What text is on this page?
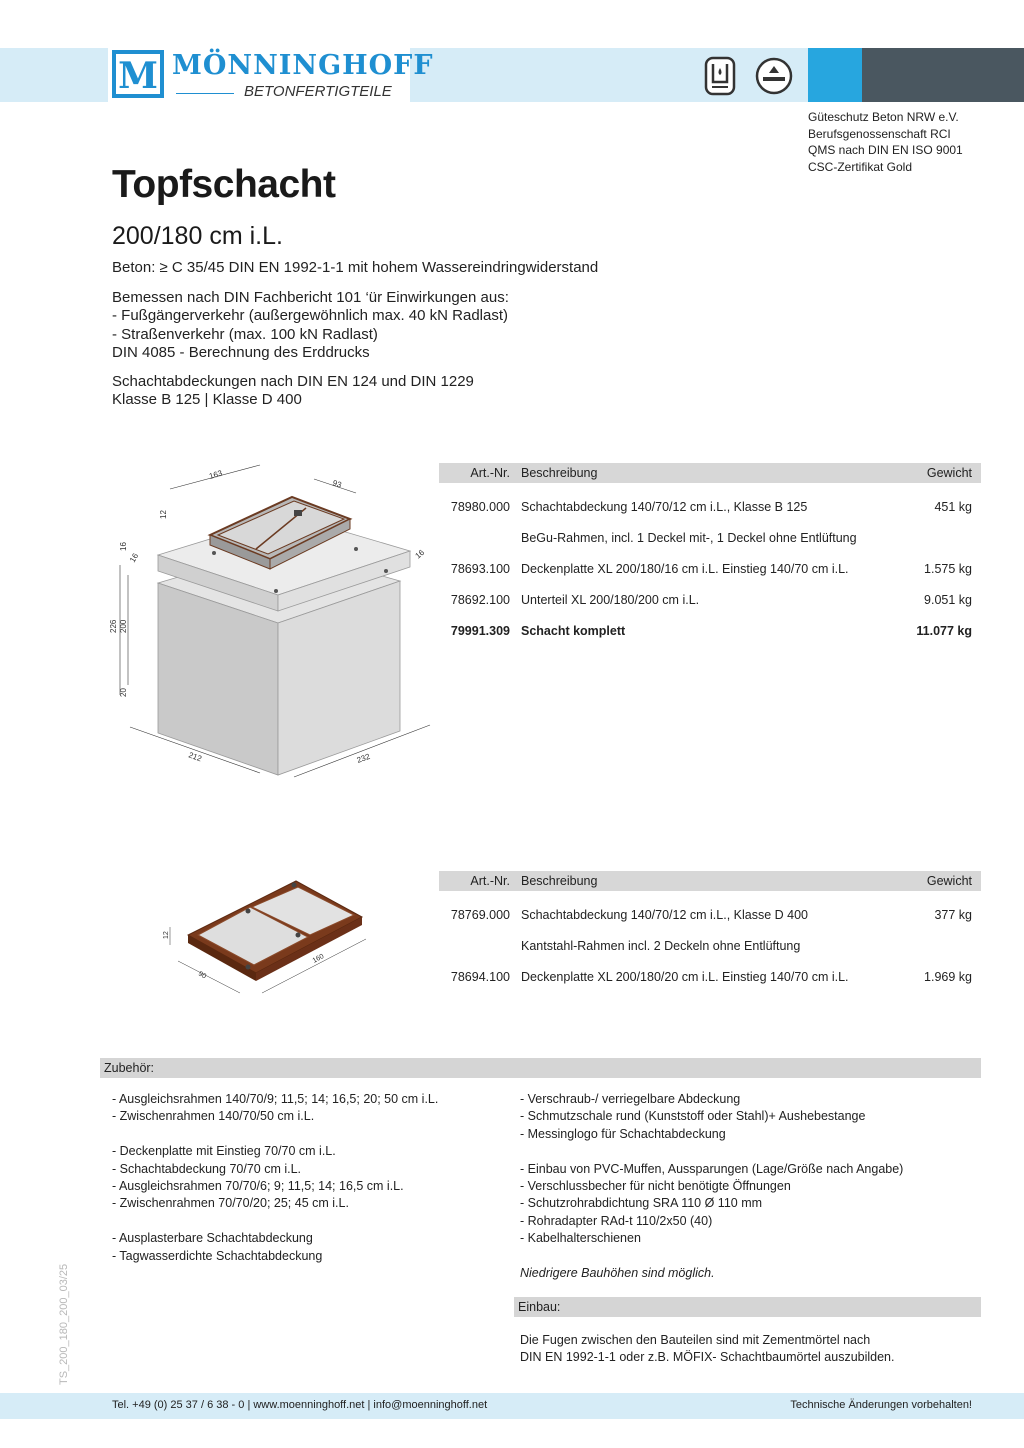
M MÖNNINGHOFF
BETONFERTIGTEILE
Güteschutz Beton NRW e.V.
Berufsgenossenschaft RCI
QMS nach DIN EN ISO 9001
CSC-Zertifikat Gold
Topfschacht
200/180 cm i.L.
Beton: ≥ C 35/45 DIN EN 1992-1-1 mit hohem Wassereindringwiderstand
Bemessen nach DIN Fachbericht 101 ‘ür Einwirkungen aus:
- Fußgängerverkehr (außergewöhnlich max. 40 kN Radlast)
- Straßenverkehr (max. 100 kN Radlast)
DIN 4085 - Berechnung des Erddrucks
Schachtabdeckungen nach DIN EN 124 und DIN 1229
Klasse B 125 | Klasse D 400
163
93
12
16
16
226 200
20
16
212	232
Art.-Nr. Beschreibung	Gewicht
78980.000 Schachtabdeckung 140/70/12 cm i.L., Klasse B 125	451 kg
BeGu-Rahmen, incl. 1 Deckel mit-, 1 Deckel ohne Entlüftung
78693.100 Deckenplatte XL 200/180/16 cm i.L. Einstieg 140/70 cm i.L.	1.575 kg
78692.100 Unterteil XL 200/180/200 cm i.L.	9.051 kg
79991.309 Schacht komplett	11.077 kg
12
90
160
Art.-Nr. Beschreibung	Gewicht
78769.000 Schachtabdeckung 140/70/12 cm i.L., Klasse D 400	377 kg
Kantstahl-Rahmen incl. 2 Deckeln ohne Entlüftung
78694.100 Deckenplatte XL 200/180/20 cm i.L. Einstieg 140/70 cm i.L.	1.969 kg
Zubehör:
- Ausgleichsrahmen 140/70/9; 11,5; 14; 16,5; 20; 50 cm i.L.
- Zwischenrahmen 140/70/50 cm i.L.
- Deckenplatte mit Einstieg 70/70 cm i.L.
- Schachtabdeckung 70/70 cm i.L.
- Ausgleichsrahmen 70/70/6; 9; 11,5; 14; 16,5 cm i.L.
- Zwischenrahmen 70/70/20; 25; 45 cm i.L.
- Ausplasterbare Schachtabdeckung
- Tagwasserdichte Schachtabdeckung
- Verschraub-/ verriegelbare Abdeckung
- Schmutzschale rund (Kunststoff oder Stahl)+ Aushebestange
- Messinglogo für Schachtabdeckung
- Einbau von PVC-Muffen, Aussparungen (Lage/Größe nach Angabe)
- Verschlussbecher für nicht benötigte Öffnungen
- Schutzrohrabdichtung SRA 110 Ø 110 mm
- Rohradapter RAd-t 110/2x50 (40)
- Kabelhalterschienen
Niedrigere Bauhöhen sind möglich.
Einbau:
Die Fugen zwischen den Bauteilen sind mit Zementmörtel nach
DIN EN 1992-1-1 oder z.B. MÖFIX- Schachtbaumörtel auszubilden.
TS_200_180_200_03/25
Tel. +49 (0) 25 37 / 6 38 - 0 | www.moenninghoff.net | info@moenninghoff.net	Technische Änderungen vorbehalten!
